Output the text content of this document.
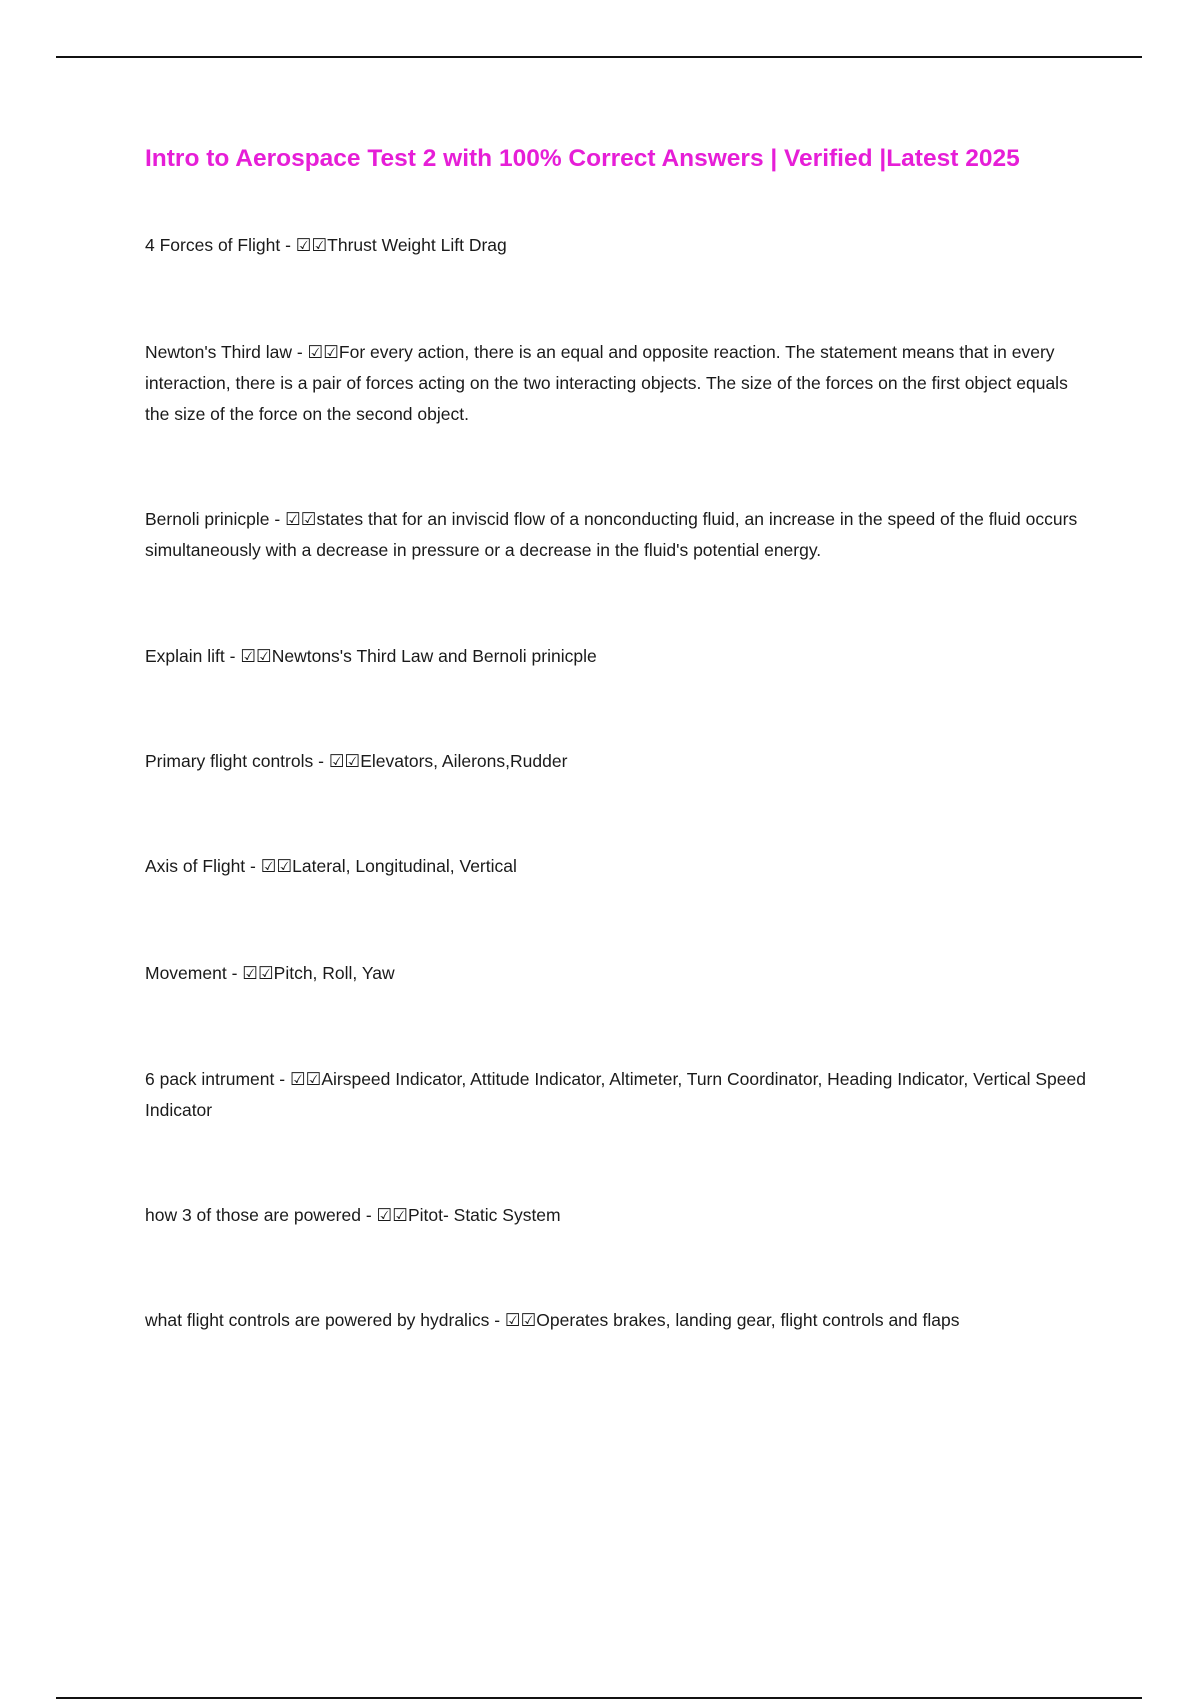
Intro to Aerospace Test 2 with 100% Correct Answers | Verified |Latest 2025
4 Forces of Flight - ☑☑Thrust Weight Lift Drag
Newton's Third law - ☑☑For every action, there is an equal and opposite reaction. The statement means that in every interaction, there is a pair of forces acting on the two interacting objects. The size of the forces on the first object equals the size of the force on the second object.
Bernoli prinicple - ☑☑states that for an inviscid flow of a nonconducting fluid, an increase in the speed of the fluid occurs simultaneously with a decrease in pressure or a decrease in the fluid's potential energy.
Explain lift - ☑☑Newtons's Third Law and Bernoli prinicple
Primary flight controls - ☑☑Elevators, Ailerons,Rudder
Axis of Flight - ☑☑Lateral, Longitudinal, Vertical
Movement - ☑☑Pitch, Roll, Yaw
6 pack intrument - ☑☑Airspeed Indicator, Attitude Indicator, Altimeter, Turn Coordinator, Heading Indicator, Vertical Speed Indicator
how 3 of those are powered - ☑☑Pitot- Static System
what flight controls are powered by hydralics - ☑☑Operates brakes, landing gear, flight controls and flaps
